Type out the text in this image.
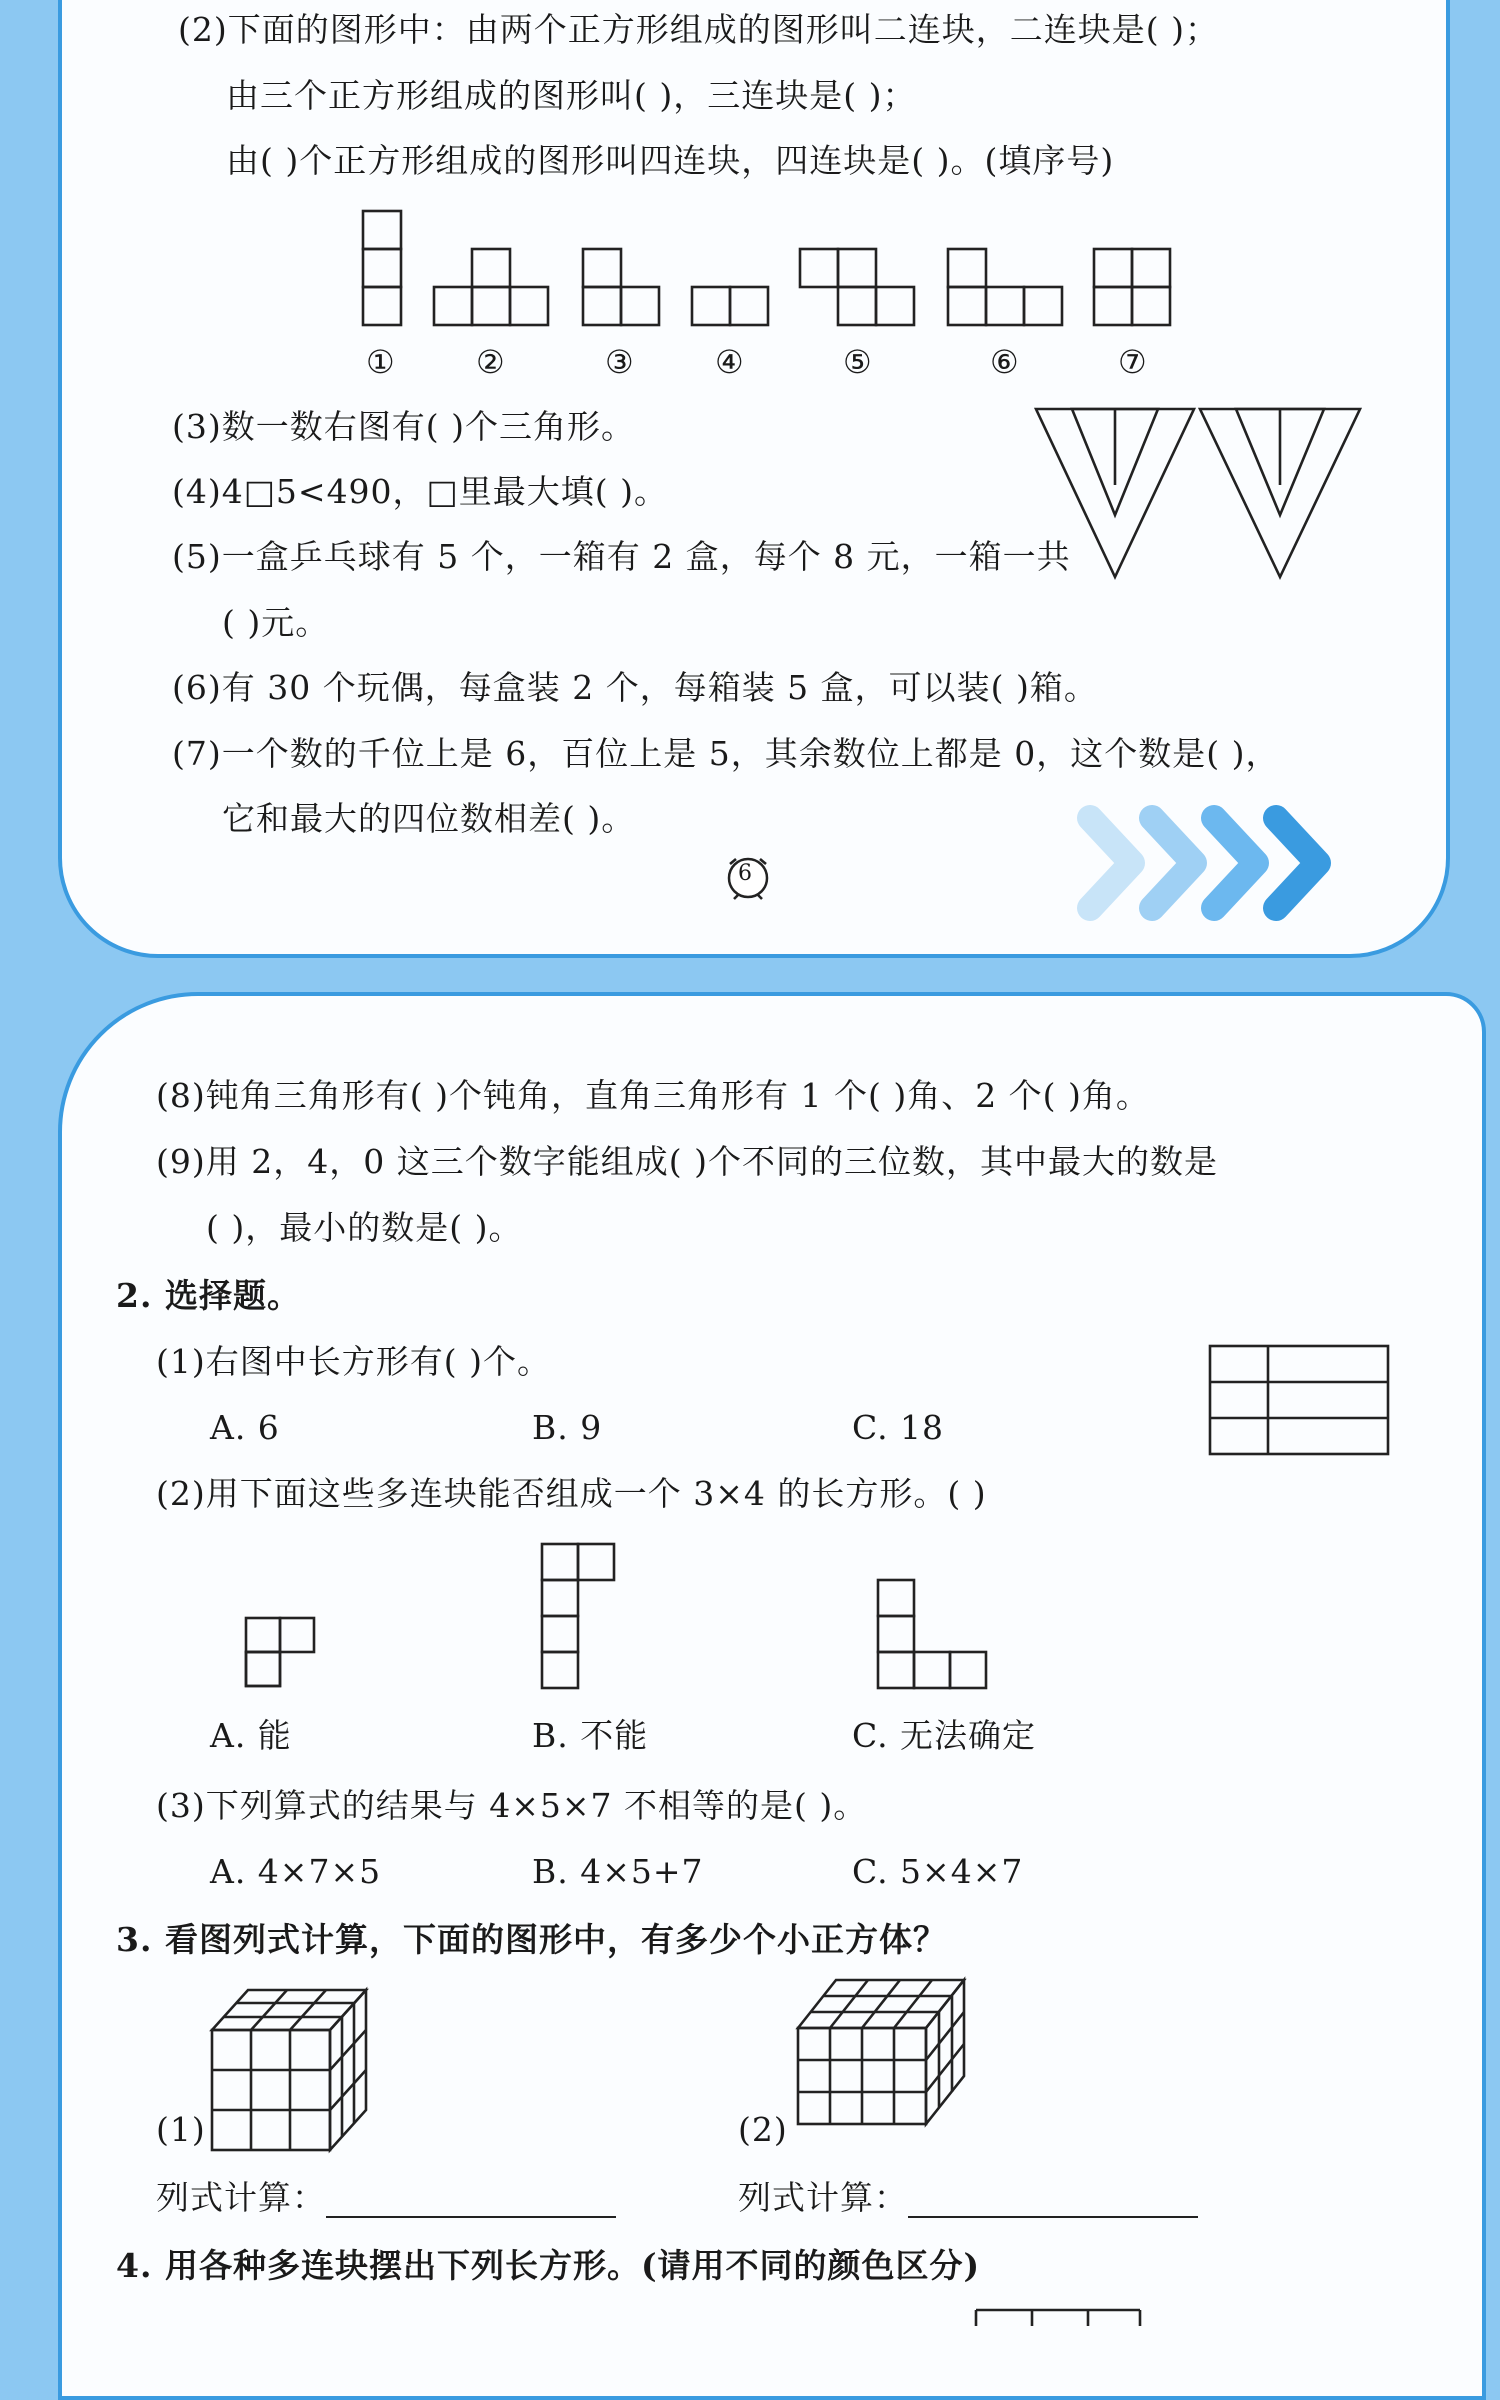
(2)下面的图形中：由两个正方形组成的图形叫二连块，二连块是( )；
由三个正方形组成的图形叫( )，三连块是( )；
由( )个正方形组成的图形叫四连块，四连块是( )。(填序号)
①	②	③	④	⑤	⑥	⑦
(3)数一数右图有( )个三角形。
(4)4□5<490，□里最大填( )。
(5)一盒乒乓球有 5 个，一箱有 2 盒，每个 8 元，一箱一共
( )元。
(6)有 30 个玩偶，每盒装 2 个，每箱装 5 盒，可以装( )箱。
(7)一个数的千位上是 6，百位上是 5，其余数位上都是 0，这个数是( )，
它和最大的四位数相差( )。
6
(8)钝角三角形有( )个钝角，直角三角形有 1 个( )角、2 个( )角。
(9)用 2，4，0 这三个数字能组成( )个不同的三位数，其中最大的数是
( )，最小的数是( )。
2. 选择题。
(1)右图中长方形有( )个。
A. 6	B. 9	C. 18
(2)用下面这些多连块能否组成一个 3×4 的长方形。( )
A. 能	B. 不能	C. 无法确定
(3)下列算式的结果与 4×5×7 不相等的是( )。
A. 4×7×5	B. 4×5+7	C. 5×4×7
3. 看图列式计算，下面的图形中，有多少个小正方体？
(1)	(2)
列式计算：	列式计算：
4. 用各种多连块摆出下列长方形。(请用不同的颜色区分)
